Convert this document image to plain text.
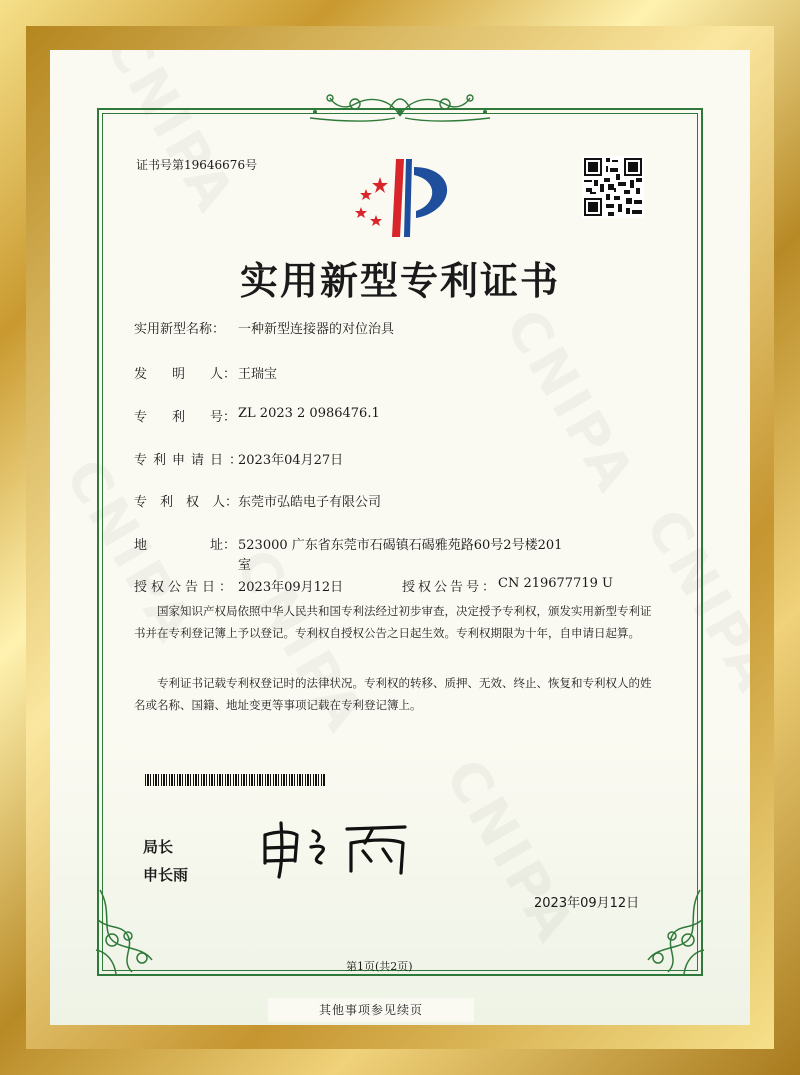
证书号第19646676号
实用新型专利证书
实用新型名称： 一种新型连接器的对位治具
发 明 人： 王瑞宝
专 利 号： ZL 2023 2 0986476.1
专利申请日：
2023年04月27日
专 利 权 人： 东莞市弘皓电子有限公司
地	址： 523000 广东省东莞市石碣镇石碣雅苑路60号2号楼201
室
授权公告日： 2023年09月12日	授权公告号： CN 219677719 U
国家知识产权局依照中华人民共和国专利法经过初步审查，决定授予专利权，颁发实用新型专利证书并在专利登记簿上予以登记。专利权自授权公告之日起生效。专利权期限为十年，自申请日起算。
专利证书记载专利权登记时的法律状况。专利权的转移、质押、无效、终止、恢复和专利权人的姓名或名称、国籍、地址变更等事项记载在专利登记簿上。
局长
申长雨
2023年09月12日
第1页(共2页)
其他事项参见续页
